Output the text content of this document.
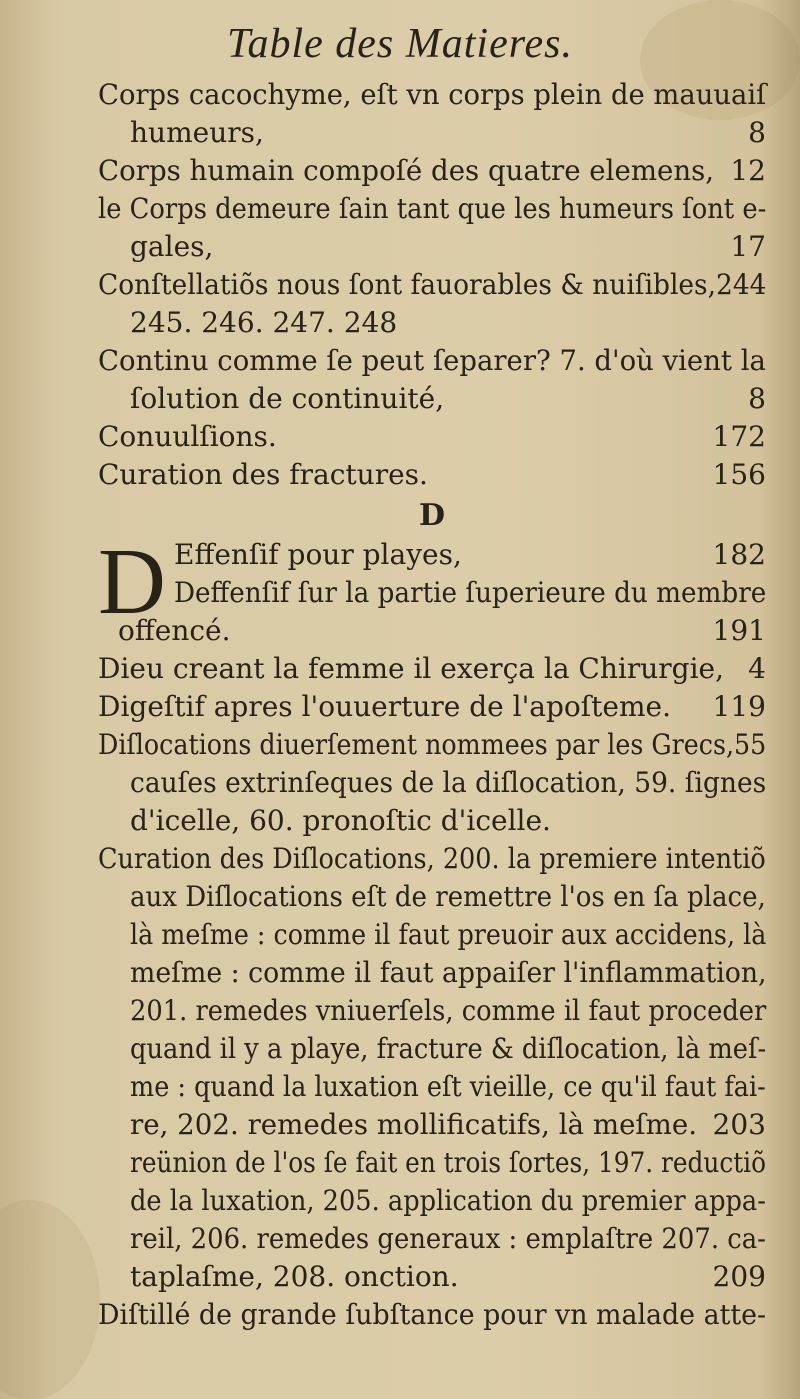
Table des Matieres.
Corps cacochyme, eſt vn corps plein de mauuaiſ
humeurs,	8
Corps humain compoſé des quatre elemens, 12
le Corps demeure ſain tant que les humeurs ſont e-
gales,	17
Conſtellatiõs nous ſont fauorables & nuiſibles,244
245. 246. 247. 248
Continu comme ſe peut ſeparer? 7. d'où vient la
ſolution de continuité,	8
Conuulſions.	172
Curation des fractures.	156
D
D Effenſif pour playes,	182
Deffenſif ſur la partie ſuperieure du membre
offencé.	191
Dieu creant la femme il exerça la Chirurgie, 4
Digeſtif apres l'ouuerture de l'apoſteme. 119
Diſlocations diuerſement nommees par les Grecs,55
cauſes extrinſeques de la diſlocation, 59. ſignes
d'icelle, 60. pronoſtic d'icelle.
Curation des Diſlocations, 200. la premiere intentiõ
aux Diſlocations eſt de remettre l'os en ſa place,
là meſme : comme il faut preuoir aux accidens, là
meſme : comme il faut appaiſer l'inflammation,
201. remedes vniuerſels, comme il faut proceder
quand il y a playe, fracture & diſlocation, là meſ-
me : quand la luxation eſt vieille, ce qu'il faut fai-
re, 202. remedes mollificatifs, là meſme. 203
reünion de l'os ſe fait en trois ſortes, 197. reductiõ
de la luxation, 205. application du premier appa-
reil, 206. remedes generaux : emplaſtre 207. ca-
taplaſme, 208. onction.	209
Diſtillé de grande ſubſtance pour vn malade atte-
